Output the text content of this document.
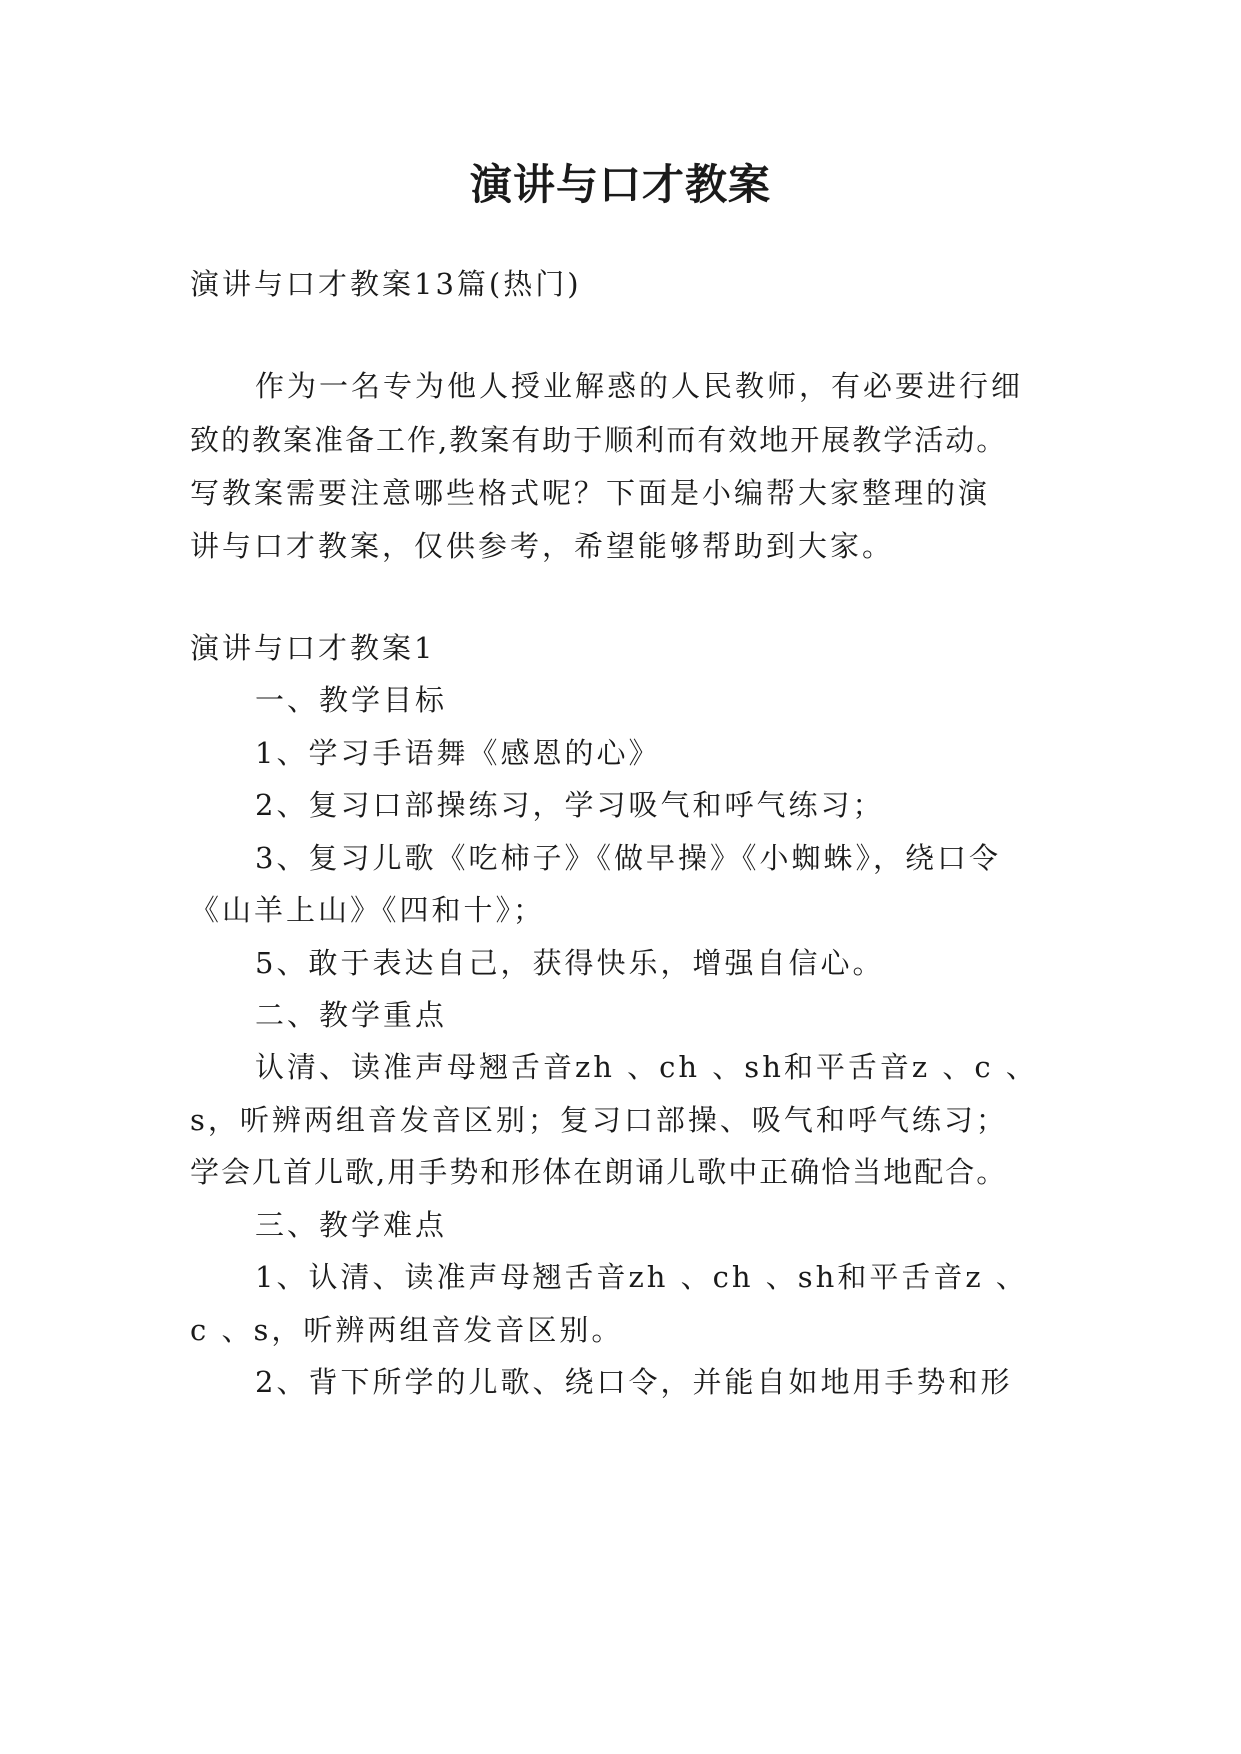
演讲与口才教案
演讲与口才教案13篇(热门)
作为一名专为他人授业解惑的人民教师，有必要进行细
致的教案准备工作,教案有助于顺利而有效地开展教学活动。
写教案需要注意哪些格式呢？下面是小编帮大家整理的演
讲与口才教案，仅供参考，希望能够帮助到大家。
演讲与口才教案1
一、教学目标
1、学习手语舞《感恩的心》
2、复习口部操练习，学习吸气和呼气练习；
3、复习儿歌《吃柿子》《做早操》《小蜘蛛》，绕口令
《山羊上山》《四和十》；
5、敢于表达自己，获得快乐，增强自信心。
二、教学重点
认清、读准声母翘舌音zh 、ch 、sh和平舌音z 、c 、
s，听辨两组音发音区别；复习口部操、吸气和呼气练习；
学会几首儿歌,用手势和形体在朗诵儿歌中正确恰当地配合。
三、教学难点
1、认清、读准声母翘舌音zh 、ch 、sh和平舌音z 、
c 、s，听辨两组音发音区别。
2、背下所学的儿歌、绕口令，并能自如地用手势和形
